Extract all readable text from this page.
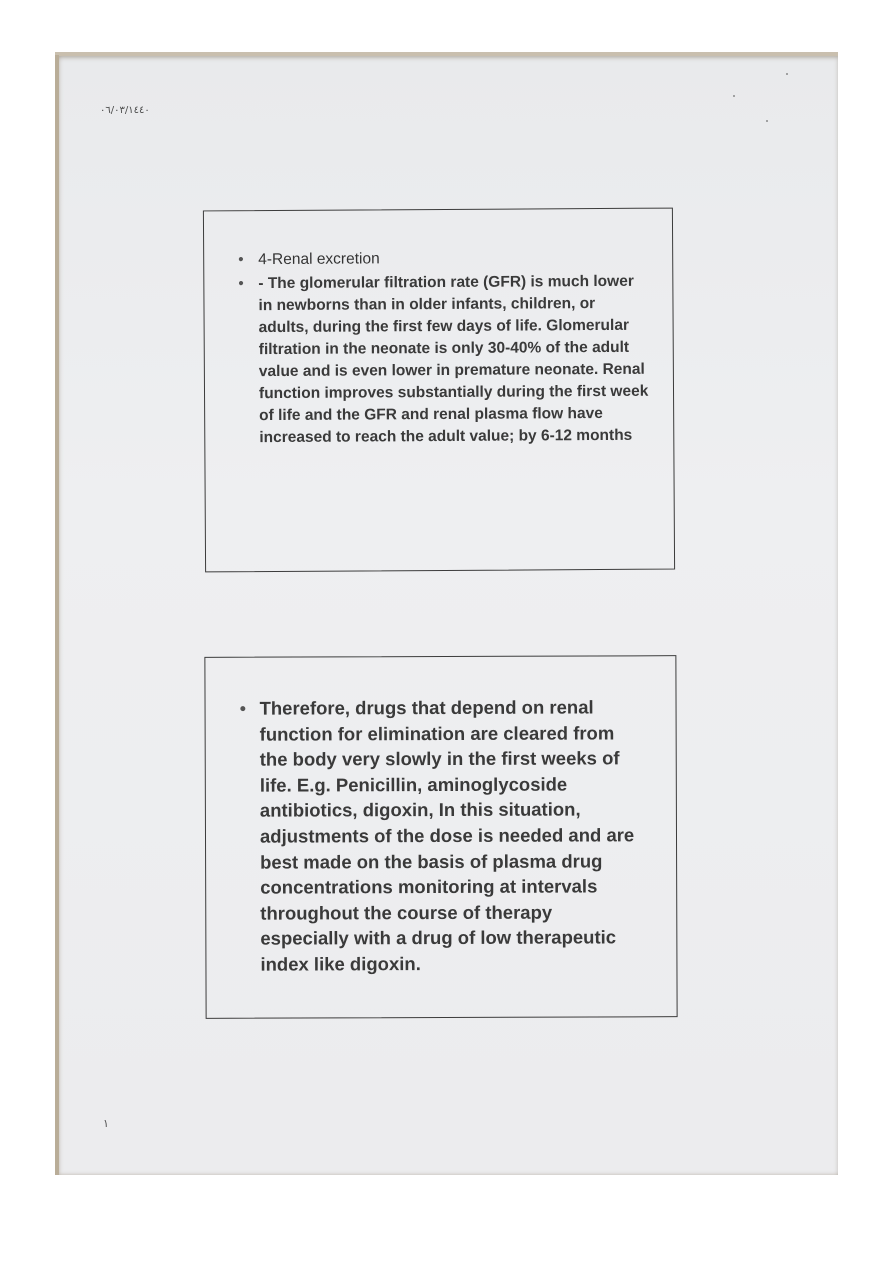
٠٦/٠٣/١٤٤٠
• 4-Renal excretion
• - The glomerular filtration rate (GFR) is much lower in newborns than in older infants, children, or adults, during the first few days of life. Glomerular filtration in the neonate is only 30-40% of the adult value and is even lower in premature neonate. Renal function improves substantially during the first week of life and the GFR and renal plasma flow have increased to reach the adult value; by 6-12 months
• Therefore, drugs that depend on renal function for elimination are cleared from the body very slowly in the first weeks of life. E.g. Penicillin, aminoglycoside antibiotics, digoxin, In this situation, adjustments of the dose is needed and are best made on the basis of plasma drug concentrations monitoring at intervals throughout the course of therapy especially with a drug of low therapeutic index like digoxin.
١
